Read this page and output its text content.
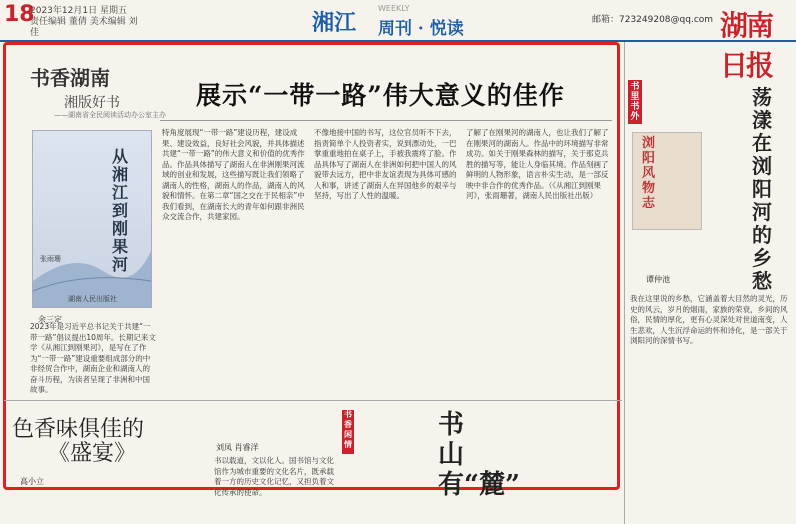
18
2023年12月1日 星期五
责任编辑 董倩 美术编辑 刘佳	湘江
WEEKLY
周刊 · 悦读	邮箱：723249208@qq.com 湖南日报
书香湖南
湘版好书
——湖南省全民阅读活动办公室主办
从湘江到刚果河
张雨珊
湖南人民出版社
余三定
展示“一带一路”伟大意义的佳作
2023年是习近平总书记关于共建“一带一路”倡议提出10周年。长期记来文学《从湘江到刚果河》，是写在了作为“一带一路”建设重要组成部分的中非经贸合作中，湖南企业和湖南人的奋斗历程，为读者呈现了非洲和中国故事。
特角度展现“一带一路”建设历程，建设成果、建设效益，良好社会风貌，并具体描述共建“一带一路”的伟大意义和价值的优秀作品。作品具体描写了湖南人在非洲刚果河流域的创业和发展，这些描写既让我们领略了湖南人的性格，湖南人的作品，湖南人的风貌和情怀。在第二章“国之交在于民相亲”中我们看到，在湖南长大的青年如何跟非洲民众交流合作，共建家园。
不像地接中国的书写，这位官员听不下去，指责简单个人投资者实，说到漂动处，一巴掌重重地拍在桌子上，手被我震疼了脸。作品具体写了湖南人在非洲如何把中国人的风貌带去远方，把中非友谊表现为具体可感的人和事，讲述了湖南人在异国他乡的艰辛与坚持，写出了人性的温暖。
了解了在刚果河的湖南人，也让我们了解了在刚果河的湖南人。作品中的环境描写非常成功。如关于刚果森林的描写，关于那克兵胜的描写等，能让人身临其境。作品刻画了鲜明的人物形象，语言朴实生动，是一部反映中非合作的优秀作品。（《从湘江到刚果河》，张雨珊著，湖南人民出版社出版）
书里书外
浏阳风物志
荡漾在浏阳河的乡愁
谭仲池
我在这里说的乡愁，它涵盖着大目然的灵光，历史的风云，岁月的烟雨，家族的荣衰，乡间的风俗，民情的厚化，更有心灵深处对世道南变，人生悲欢，人生沉浮命运的怀和诗化，是一部关于浏阳河的深情书写。
色香味俱佳的
《盛宴》
高小立
刘凤 肖睿洋
书以载道，文以化人。国书馆与文化馆作为城市重要的文化名片，既承载着一方的历史文化记忆，又担负着文化传承的使命。
书香闲情
书山有“麓”
